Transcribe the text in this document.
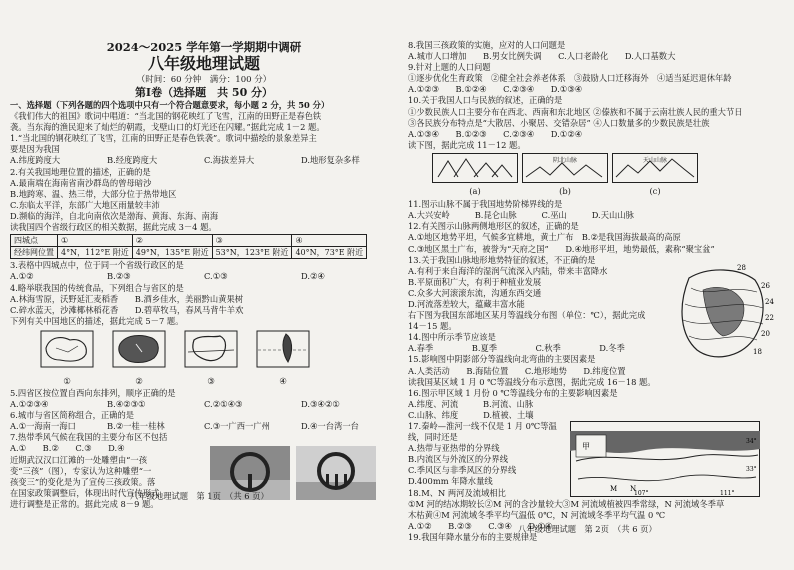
2024～2025 学年第一学期期中调研
八年级地理试题
（时间：60 分钟　满分：100 分）
第Ⅰ卷（选择题　共 50 分）
一、选择题（下列各题的四个选项中只有一个符合题意要求，每小题 2 分，共 50 分）
《我们伟大的祖国》歌词中唱道：“当北国的钢花映红了飞雪，江南的田野正是春色铁
袭。当东海的渔民迎来了灿烂的朝霞，戈壁山口的灯光还在闪耀。”据此完成 1－2 题。
1.“当北国的钢花映红了飞雪，江南的田野正是春色铁袭”。歌词中描绘的景象差异主
要是因为我国
A.纬度跨度大	B.经度跨度大	C.海拔差异大	D.地形复杂多样
2.有关我国地理位置的描述，正确的是
A.最南端在海南省南沙群岛的曾母暗沙
B.地跨寒、温、热三带，大部分位于热带地区
C.东临太平洋，东部广大地区雨量较丰沛
D.濒临的海洋，自北向南依次是渤海、黄海、东海、南海
读我国四个省级行政区的相关数据，据此完成 3－4 题。
四城点	①	②	③	④
经纬网位置	4°N，112°E 附近	49°N，135°E 附近	53°N，123°E 附近	40°N，73°E 附近
3.表格中四城点中，位于同一个省级行政区的是
A.①②	B.②③	C.①③	D.②④
4.略举联我国的传统食品，下列组合与省区的是
A.林海雪原，沃野延汇麦稻香　　B.酒乡佳水，美丽黔山黄果树
C.碎水蓝天，沙滩椰林稻花香　　D.碧草牧马，春风马背牛羊欢
下列有关中国地区的描述，据此完成 5－7 题。
①	②	③	④
5.四省区按位置自西向东排列，顺序正确的是
A.①②③④	B.④②③①	C.②①④③	D.③④②①
6.城市与省区简称组合，正确的是
A.①一海南一海口	B.②一桂一桂林	C.③一广西一广州	D.④一台湾一台
7.热带季风气候在我国的主要分布区不包括
A.①　　B.②　　C.③　　D.④
近期武汉汉口江滩的一处雕塑由“一孩
变“三孩”（图），专家认为这种雕塑“一
孩变三”的变化是为了宣传三孩政策。落
在国家政策调整后，体现出时代宣传形式
进行调整是正常的。据此完成 8－9 题。
八年级地理试题　第 1页　（共 6 页）
8.我国三孩政策的实施，应对的人口问题是
A.城市人口增加　　B.男女比例失调　　C.人口老龄化　　D.人口基数大
9.针对上题的人口问题
①逐步优化生育政策　②健全社会养老体系　③鼓励人口迁移海外　④适当延迟退休年龄
A.①②③　　B.①②④　　C.②③④　　D.①③④
10.关于我国人口与民族的叙述，正确的是
①少数民族人口主要分布在西北、西南和东北地区 ②傣族和不属于云南壮族人民的重大节日
③各民族分布特点是“大散居、小聚居、交错杂居” ④人口数量多的少数民族是壮族
A.①③④　　B.①②③　　C.②③④　　D.①②④
读下图，据此完成 11－12 题。
(a)	(b)
阴北山脉
(c)
天山山脉
11.图示山脉不属于我国地势阶梯界线的是
A.大兴安岭　　　B.昆仑山脉　　　C.巫山　　　D.天山山脉
12.有关图示山脉两侧地形区的叙述，正确的是
A.①地区地势平坦，气候多宜耕地，黄土广布　B.②是我国海拔最高的高原
C.③地区黑土广布，被誉为“天府之国”　　D.④地形平坦，地势最低，素称“聚宝盆”
13.关于我国山脉地形地势特征的叙述，不正确的是
A.有利于来自海洋的湿润气流深入内陆，带来丰富降水
B.平原面积广大，有利于种植业发展
C.众多大河滚滚东流，沟通东西交通
D.河流落差较大，蕴藏丰富水能
右下图为我国东部地区某月等温线分布图（单位：℃），据此完成
14－15 题。
14.图中所示季节应该是
A.春季	B.夏季	C.秋季	D.冬季
15.影响图中阴影部分等温线向北弯曲的主要因素是
A.人类活动　　B.海陆位置　　C.地形地势　　D.纬度位置
读我国某区域 1 月 0 ℃等温线分布示意图，据此完成 16－18 题。
16.图示甲区域 1 月份 0 ℃等温线分布的主要影响因素是
A.纬度、河流　　　B.河流、山脉
C.山脉、纬度　　　D.植被、土壤
28
26
24
22
20
18
17.秦岭—淮河一线不仅是 1 月 0℃等温
线，同时还是
A.热带与亚热带的分界线
B.内流区与外流区的分界线
C.季风区与非季风区的分界线
D.400mm 年降水量线
18.M、N 两河及流域相比
甲
M N
34°
33°
107°	111°
①M 河的结冰期较长②M 河的含沙量较大③M 河流域植被四季常绿，N 河流域冬季草
木枯黄④M 河流域冬季平均气温低 0℃，N 河流域冬季平均气温 0 ℃
A.①②　　B.②③　　C.③④　　D.①④
19.我国年降水量分布的主要规律是
八年级地理试题　第 2页　（共 6 页）
